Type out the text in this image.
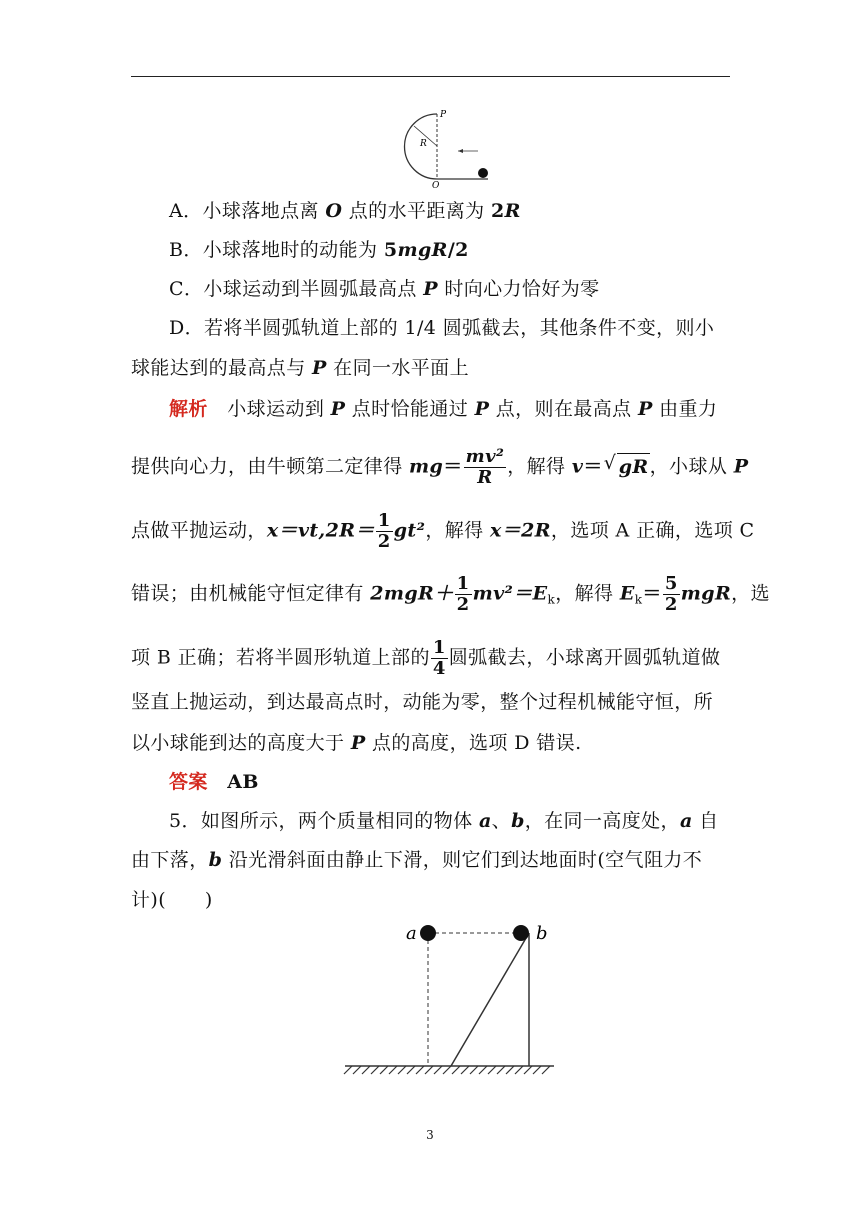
P
R
O
A．小球落地点离 O 点的水平距离为 2R
B．小球落地时的动能为 5mgR/2
C．小球运动到半圆弧最高点 P 时向心力恰好为零
D．若将半圆弧轨道上部的 1/4 圆弧截去，其他条件不变，则小
球能达到的最高点与 P 在同一水平面上
解析　小球运动到 P 点时恰能通过 P 点，则在最高点 P 由重力
提供向心力，由牛顿第二定律得 $mg= \frac{\text{mv²}}{R}$ ，解得 v＝√ gR，小球从 P
点做平抛运动，$x=vt,2R= \frac{1}{2} gt^2$，解得 x＝2R，选项 A 正确，选项 C
错误；由机械能守恒定律有 $2mgR+ \frac{1}{2} mv^2=E_k$，解得 $E_k= \frac{5}{2}$ mgR，选
项 B 正确；若将半圆形轨道上部的 $\frac{1}{4}$ 圆弧截去，小球离开圆弧轨道做
竖直上抛运动，到达最高点时，动能为零，整个过程机械能守恒，所
以小球能到达的高度大于 P 点的高度，选项 D 错误.
答案　AB
5．如图所示，两个质量相同的物体 a、b，在同一高度处，a 自
由下落，b 沿光滑斜面由静止下滑，则它们到达地面时(空气阻力不
计)(　　)
a	b
3
